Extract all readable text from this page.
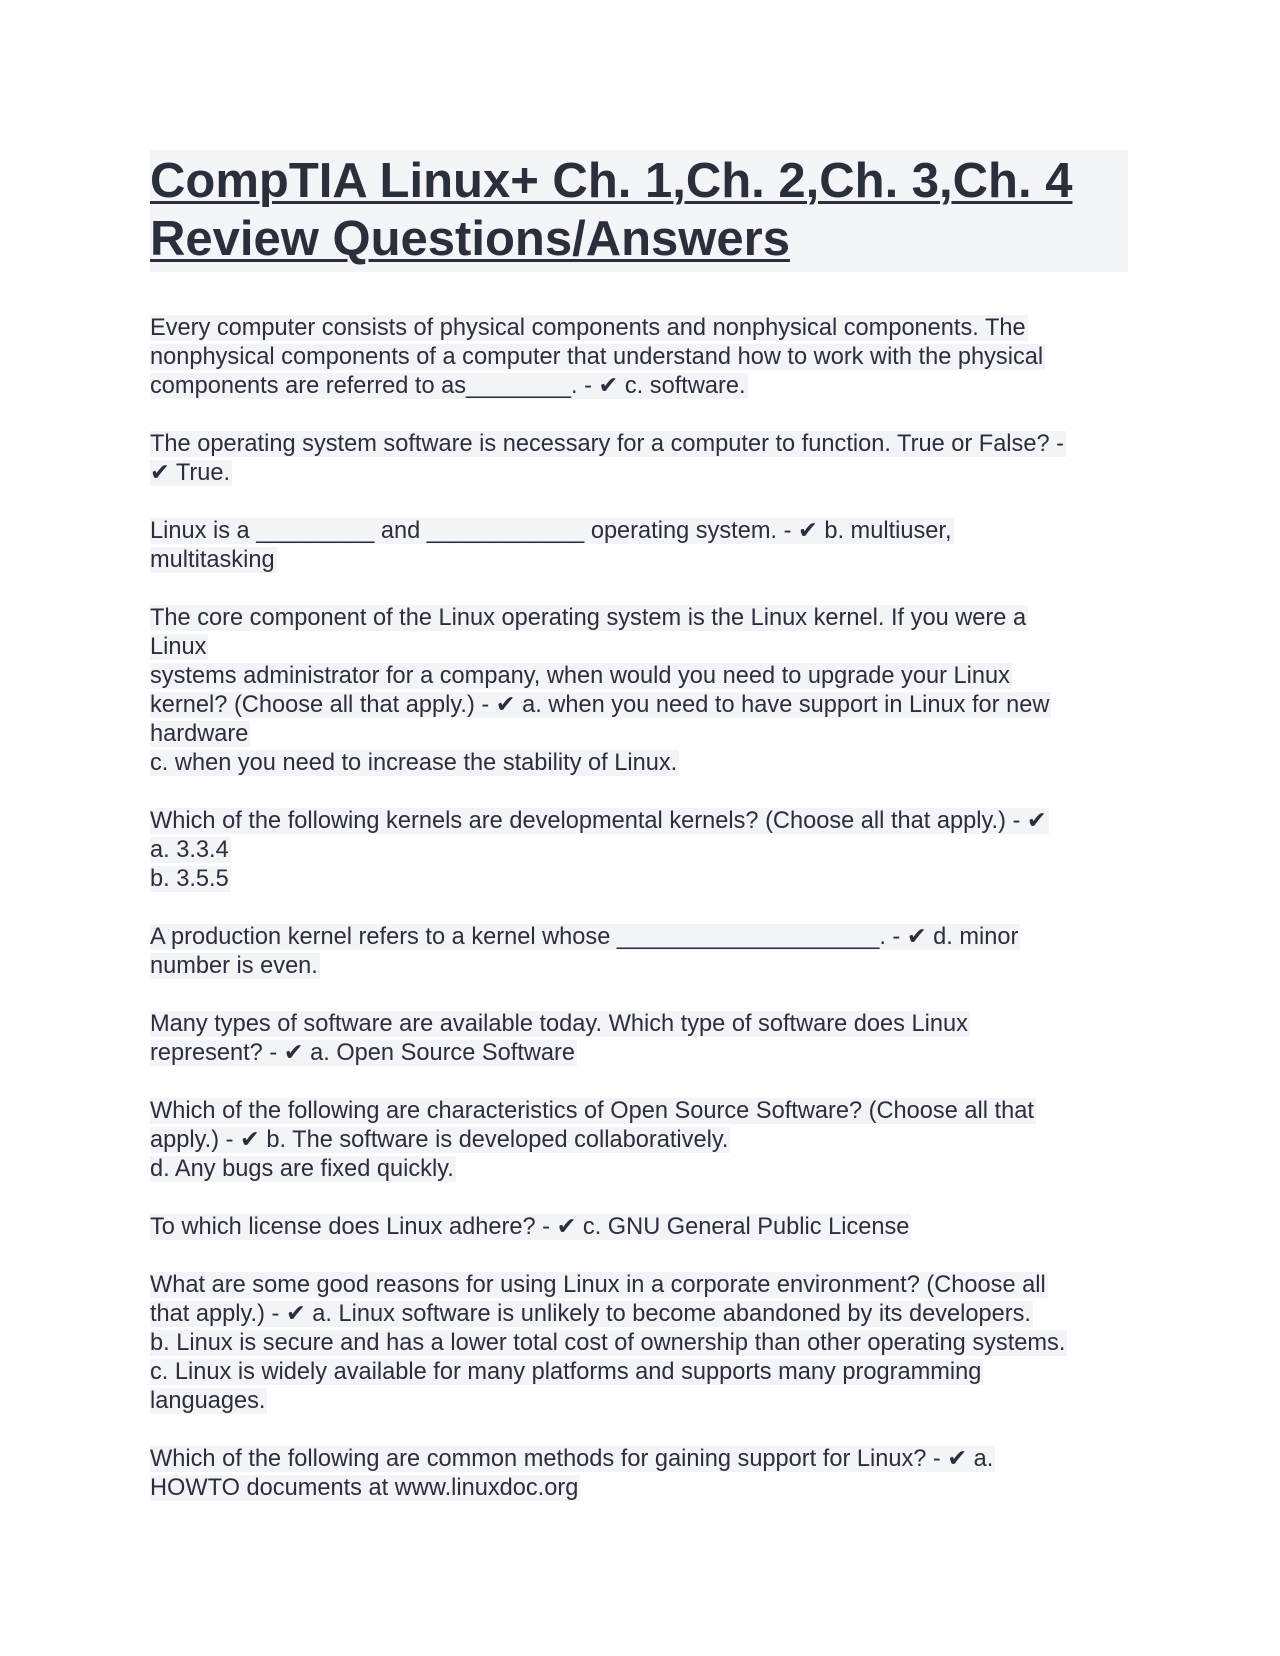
CompTIA Linux+ Ch. 1,Ch. 2,Ch. 3,Ch. 4
Review Questions/Answers
Every computer consists of physical components and nonphysical components. The
nonphysical components of a computer that understand how to work with the physical
components are referred to as________. - ✔ c. software.
The operating system software is necessary for a computer to function. True or False? -
✔ True.
Linux is a _________ and ____________ operating system. - ✔ b. multiuser,
multitasking
The core component of the Linux operating system is the Linux kernel. If you were a
Linux
systems administrator for a company, when would you need to upgrade your Linux
kernel? (Choose all that apply.) - ✔ a. when you need to have support in Linux for new
hardware
c. when you need to increase the stability of Linux.
Which of the following kernels are developmental kernels? (Choose all that apply.) - ✔
a. 3.3.4
b. 3.5.5
A production kernel refers to a kernel whose ____________________. - ✔ d. minor
number is even.
Many types of software are available today. Which type of software does Linux
represent? - ✔ a. Open Source Software
Which of the following are characteristics of Open Source Software? (Choose all that
apply.) - ✔ b. The software is developed collaboratively.
d. Any bugs are fixed quickly.
To which license does Linux adhere? - ✔ c. GNU General Public License
What are some good reasons for using Linux in a corporate environment? (Choose all
that apply.) - ✔ a. Linux software is unlikely to become abandoned by its developers.
b. Linux is secure and has a lower total cost of ownership than other operating systems.
c. Linux is widely available for many platforms and supports many programming
languages.
Which of the following are common methods for gaining support for Linux? - ✔ a.
HOWTO documents at www.linuxdoc.org
